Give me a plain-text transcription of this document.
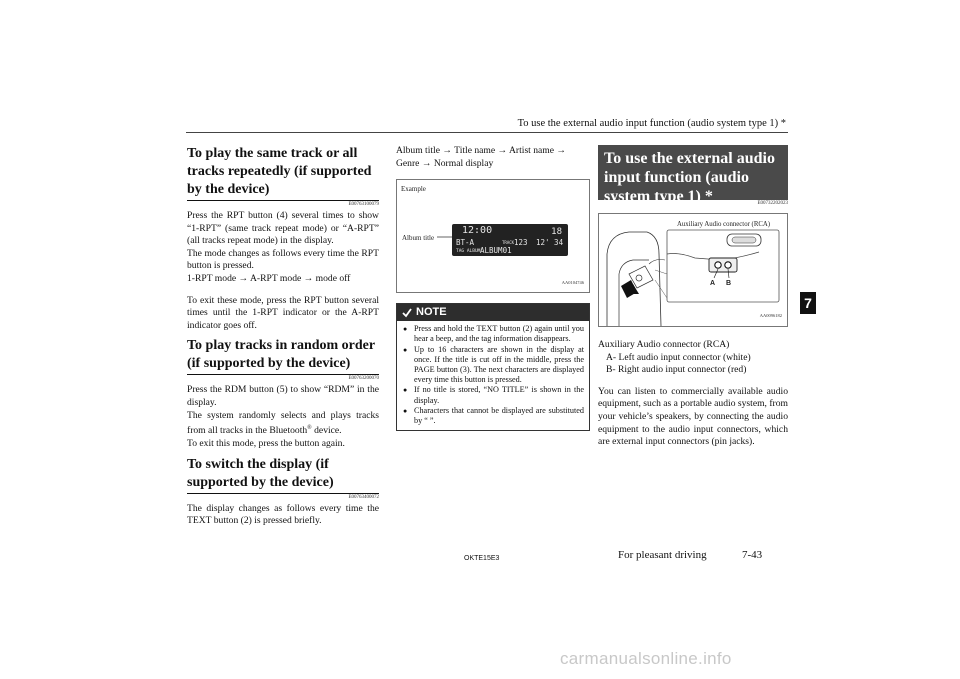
To use the external audio input function (audio system type 1) *
7
To play the same track or all tracks repeatedly (if supported by the device)
E00763100079

Press the RPT button (4) several times to show “1-RPT” (same track repeat mode) or “A-RPT” (all tracks repeat mode) in the display.

The mode changes as follows every time the RPT button is pressed.

1-RPT mode → A-RPT mode → mode off

To exit these mode, press the RPT button several times until the 1-RPT indicator or the A-RPT indicator goes off.

To play tracks in random order (if supported by the device)
E00763200070

Press the RDM button (5) to show “RDM” in the display.

The system randomly selects and plays tracks from all tracks in the Bluetooth® device.

To exit this mode, press the button again.

To switch the display (if supported by the device)
E00763400072

The display changes as follows every time the TEXT button (2) is pressed briefly.

Album title → Title name → Artist name → Genre → Normal display

Example
Album title
12:00	18
BT-A	TRACK 123 12' 34
TAG ALBUM ALBUM01
AA0104746
NOTE
● Press and hold the TEXT button (2) again until you hear a beep, and the tag information disappears.
● Up to 16 characters are shown in the display at once. If the title is cut off in the middle, press the PAGE button (3). The next characters are displayed every time this button is pressed.
● If no title is stored, “NO TITLE” is shown in the display.
● Characters that cannot be displayed are substituted by “ ”.
To use the external audio input function (audio system type 1) *	E00732202023
Auxiliary Audio connector (RCA)
A B
AA0096182

Auxiliary Audio connector (RCA)

A- Left audio input connector (white)

B- Right audio input connector (red)

You can listen to commercially available audio equipment, such as a portable audio system, from your vehicle’s speakers, by connecting the audio equipment to the audio input connectors, which are external input connectors (pin jacks).

OKTE15E3	For pleasant driving	7-43
carmanualsonline.info
